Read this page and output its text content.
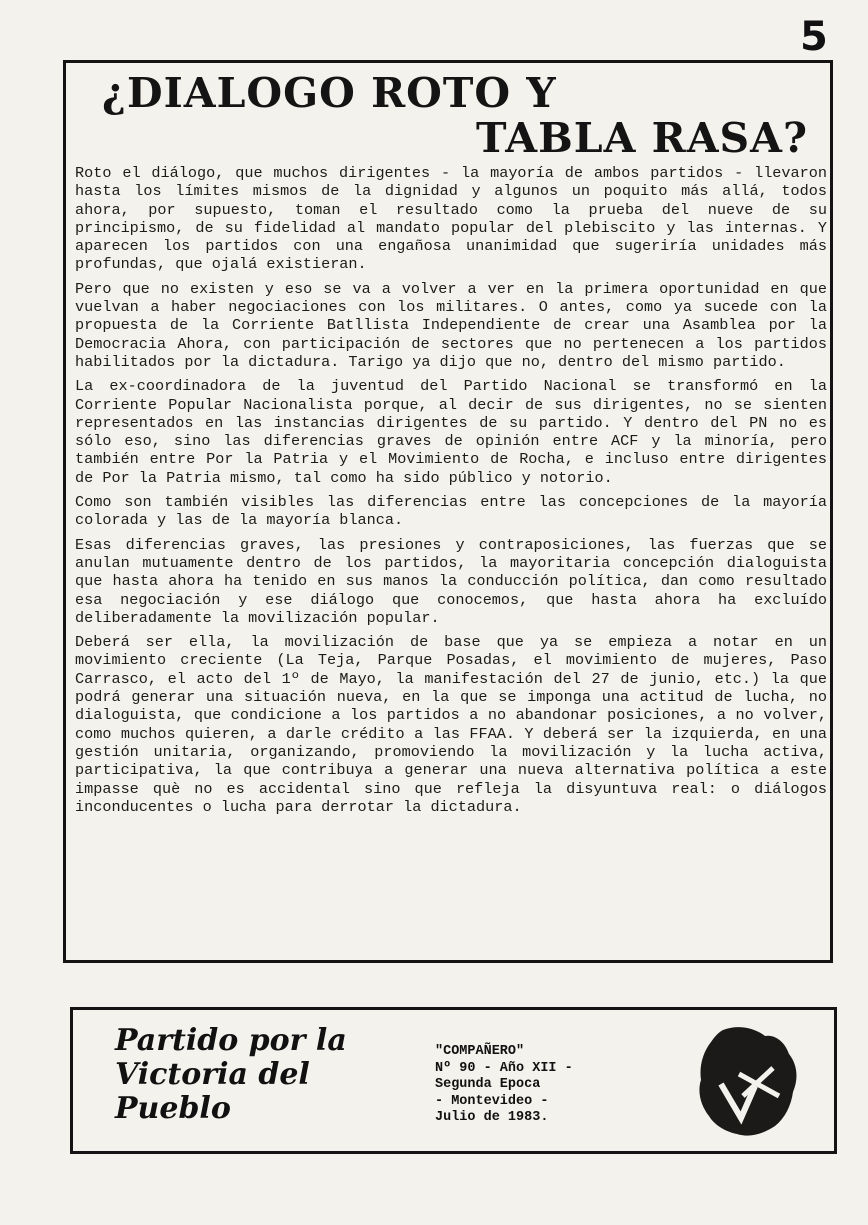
5
¿DIALOGO ROTO Y
TABLA RASA?

Roto el diálogo, que muchos dirigentes - la mayoría de ambos partidos - llevaron hasta los límites mismos de la dignidad y algunos un poquito más allá, todos ahora, por supuesto, toman el resultado como la prueba del nueve de su principismo, de su fidelidad al mandato popular del plebiscito y las internas. Y aparecen los partidos con una engañosa unanimidad que sugeriría unidades más profundas, que ojalá existieran.

Pero que no existen y eso se va a volver a ver en la primera oportunidad en que vuelvan a haber negociaciones con los militares. O antes, como ya sucede con la propuesta de la Corriente Batllista Independiente de crear una Asamblea por la Democracia Ahora, con participación de sectores que no pertenecen a los partidos habilitados por la dictadura. Tarigo ya dijo que no, dentro del mismo partido.

La ex-coordinadora de la juventud del Partido Nacional se transformó en la Corriente Popular Nacionalista porque, al decir de sus dirigentes, no se sienten representados en las instancias dirigentes de su partido. Y dentro del PN no es sólo eso, sino las diferencias graves de opinión entre ACF y la minoría, pero también entre Por la Patria y el Movimiento de Rocha, e incluso entre dirigentes de Por la Patria mismo, tal como ha sido público y notorio.

Como son también visibles las diferencias entre las concepciones de la mayoría colorada y las de la mayoría blanca.

Esas diferencias graves, las presiones y contraposiciones, las fuerzas que se anulan mutuamente dentro de los partidos, la mayoritaria concepción dialoguista que hasta ahora ha tenido en sus manos la conducción política, dan como resultado esa negociación y ese diálogo que conocemos, que hasta ahora ha excluído deliberadamente la movilización popular.

Deberá ser ella, la movilización de base que ya se empieza a notar en un movimiento creciente (La Teja, Parque Posadas, el movimiento de mujeres, Paso Carrasco, el acto del 1º de Mayo, la manifestación del 27 de junio, etc.) la que podrá generar una situación nueva, en la que se imponga una actitud de lucha, no dialoguista, que condicione a los partidos a no abandonar posiciones, a no volver, como muchos quieren, a darle crédito a las FFAA. Y deberá ser la izquierda, en una gestión unitaria, organizando, promoviendo la movilización y la lucha activa, participativa, la que contribuya a generar una nueva alternativa política a este impasse què no es accidental sino que refleja la disyuntuva real: o diálogos inconducentes o lucha para derrotar la dictadura.

Partido por la
Victoria del
Pueblo
"COMPAÑERO"
Nº 90 - Año XII -
Segunda Epoca
- Montevideo -
Julio de 1983.
